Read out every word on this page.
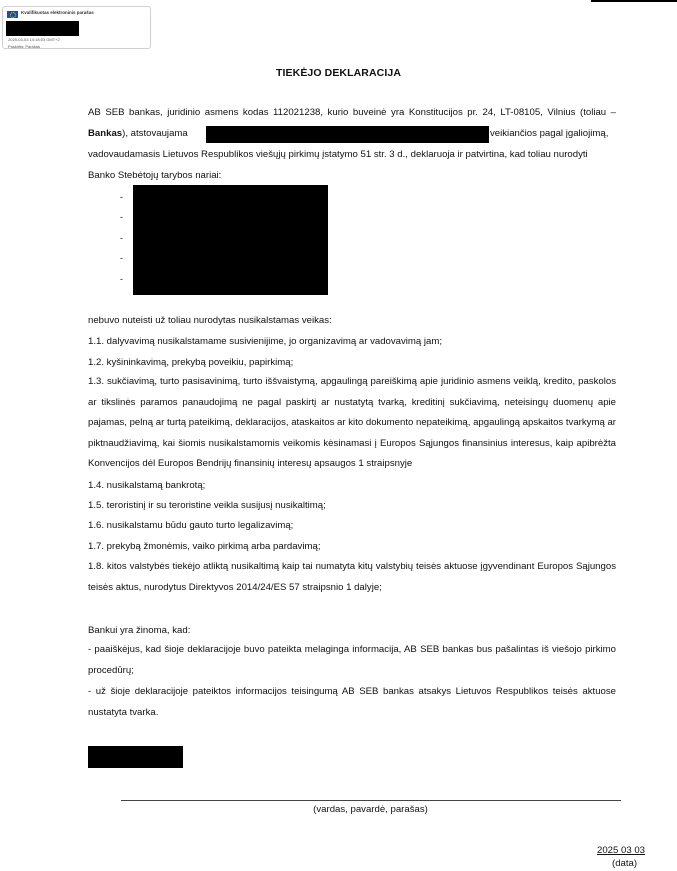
Kvalifikuotas elektroninis parašas
2025-03-03 14:18:03 GMT+2
Paskirtis: Parašas
TIEKĖJO DEKLARACIJA
AB SEB bankas, juridinio asmens kodas 112021238, kurio buveinė yra Konstitucijos pr. 24, LT-08105, Vilnius (toliau –
Bankas), atstovaujama	veikiančios pagal įgaliojimą,
vadovaudamasis Lietuvos Respublikos viešųjų pirkimų įstatymo 51 str. 3 d., deklaruoja ir patvirtina, kad toliau nurodyti
Banko Stebėtojų tarybos nariai:
-
-
-
-
-
nebuvo nuteisti už toliau nurodytas nusikalstamas veikas:
1.1. dalyvavimą nusikalstamame susivienijime, jo organizavimą ar vadovavimą jam;
1.2. kyšininkavimą, prekybą poveikiu, papirkimą;
1.3. sukčiavimą, turto pasisavinimą, turto iššvaistymą, apgaulingą pareiškimą apie juridinio asmens veiklą, kredito, paskolos ar tikslinės paramos panaudojimą ne pagal paskirtį ar nustatytą tvarką, kreditinį sukčiavimą, neteisingų duomenų apie pajamas, pelną ar turtą pateikimą, deklaracijos, ataskaitos ar kito dokumento nepateikimą, apgaulingą apskaitos tvarkymą ar piktnaudžiavimą, kai šiomis nusikalstamomis veikomis kėsinamasi į Europos Sąjungos finansinius interesus, kaip apibrėžta Konvencijos dėl Europos Bendrijų finansinių interesų apsaugos 1 straipsnyje
1.4. nusikalstamą bankrotą;
1.5. teroristinį ir su teroristine veikla susijusį nusikaltimą;
1.6. nusikalstamu būdu gauto turto legalizavimą;
1.7. prekybą žmonėmis, vaiko pirkimą arba pardavimą;
1.8. kitos valstybės tiekėjo atliktą nusikaltimą kaip tai numatyta kitų valstybių teisės aktuose įgyvendinant Europos Sąjungos teisės aktus, nurodytus Direktyvos 2014/24/ES 57 straipsnio 1 dalyje;
Bankui yra žinoma, kad:
- paaiškėjus, kad šioje deklaracijoje buvo pateikta melaginga informacija, AB SEB bankas bus pašalintas iš viešojo pirkimo procedūrų;
- už šioje deklaracijoje pateiktos informacijos teisingumą AB SEB bankas atsakys Lietuvos Respublikos teisės aktuose nustatyta tvarka.
(vardas, pavardė, parašas)
2025 03 03
(data)
